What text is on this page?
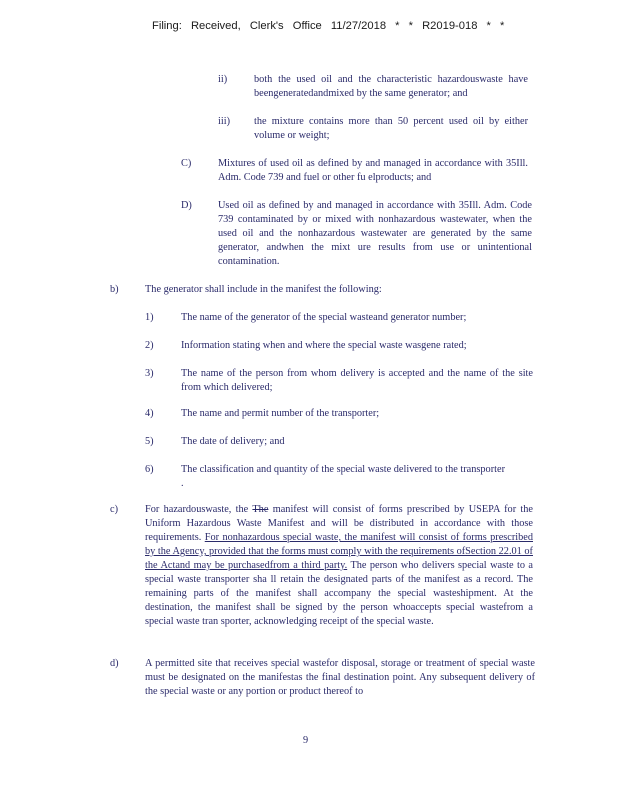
Filing: Received, Clerk's Office 11/27/2018 * * R2019-018 * *
ii)	both the used oil and the characteristic hazardouswaste have beengeneratedandmixed by the same generator; and
iii) the mixture contains more than 50 percent used oil by either volume or weight;
C)	Mixtures of used oil as defined by and managed in accordance with 35Ill. Adm. Code 739 and fuel or other fu elproducts; and
D)	Used oil as defined by and managed in accordance with 35Ill. Adm. Code 739 contaminated by or mixed with nonhazardous wastewater, when the used oil and the nonhazardous wastewater are generated by the same generator, andwhen the mixt ure results from use or unintentional contamination.
b)	The generator shall include in the manifest the following:
1)	The name of the generator of the special wasteand generator number;
2)	Information stating when and where the special waste wasgene rated;
3)	The name of the person from whom delivery is accepted and the name of the site from which delivered;
4)	The name and permit number of the transporter;
5)	The date of delivery; and
6)	The classification and quantity of the special waste delivered to the transporter .
c)	For hazardouswaste, the The manifest will consist of forms prescribed by USEPA for the Uniform Hazardous Waste Manifest and will be distributed in accordance with those requirements. For nonhazardous special waste, the manifest will consist of forms prescribed by the Agency, provided that the forms must comply with the requirements ofSection 22.01 of the Actand may be purchasedfrom a third party. The person who delivers special waste to a special waste transporter sha ll retain the designated parts of the manifest as a record. The remaining parts of the manifest shall accompany the special wasteshipment. At the destination, the manifest shall be signed by the person whoaccepts special wastefrom a special waste tran sporter, acknowledging receipt of the special waste.
d)	A permitted site that receives special wastefor disposal, storage or treatment of special waste must be designated on the manifestas the final destination point. Any subsequent delivery of the special waste or any portion or product thereof to
9
